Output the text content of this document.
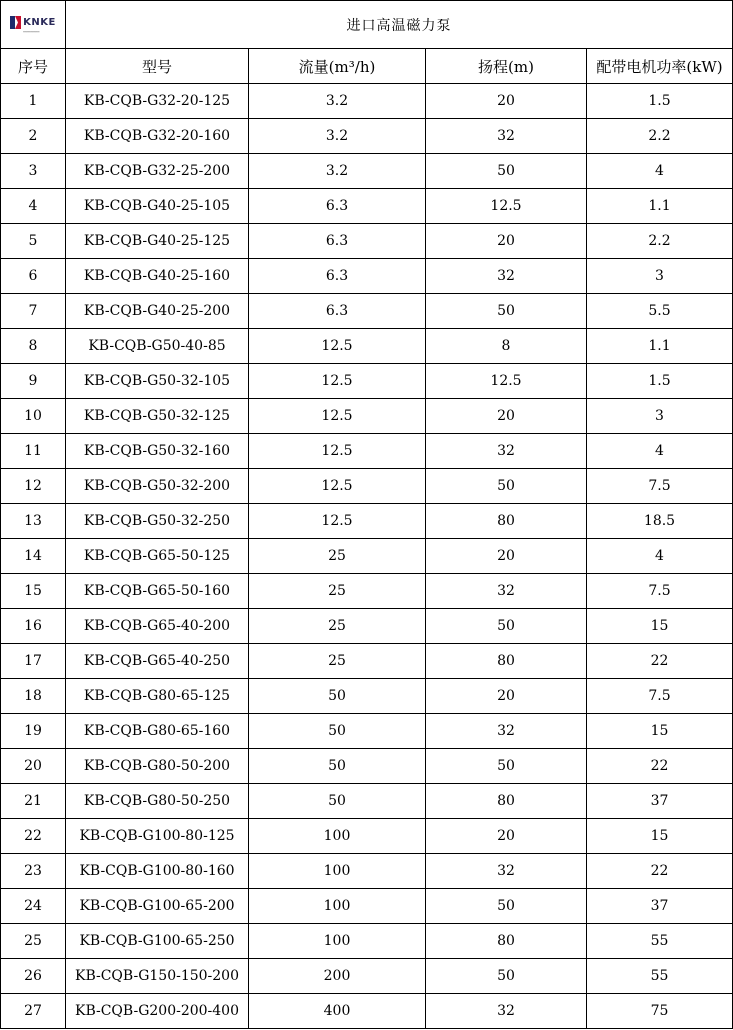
KNKE
━━━━━━━━━	进口高温磁力泵			
序号	型号	流量(m³/h)	扬程(m)	配带电机功率(kW)
1	KB-CQB-G32-20-125	3.2	20	1.5
2	KB-CQB-G32-20-160	3.2	32	2.2
3	KB-CQB-G32-25-200	3.2	50	4
4	KB-CQB-G40-25-105	6.3	12.5	1.1
5	KB-CQB-G40-25-125	6.3	20	2.2
6	KB-CQB-G40-25-160	6.3	32	3
7	KB-CQB-G40-25-200	6.3	50	5.5
8	KB-CQB-G50-40-85	12.5	8	1.1
9	KB-CQB-G50-32-105	12.5	12.5	1.5
10	KB-CQB-G50-32-125	12.5	20	3
11	KB-CQB-G50-32-160	12.5	32	4
12	KB-CQB-G50-32-200	12.5	50	7.5
13	KB-CQB-G50-32-250	12.5	80	18.5
14	KB-CQB-G65-50-125	25	20	4
15	KB-CQB-G65-50-160	25	32	7.5
16	KB-CQB-G65-40-200	25	50	15
17	KB-CQB-G65-40-250	25	80	22
18	KB-CQB-G80-65-125	50	20	7.5
19	KB-CQB-G80-65-160	50	32	15
20	KB-CQB-G80-50-200	50	50	22
21	KB-CQB-G80-50-250	50	80	37
22	KB-CQB-G100-80-125	100	20	15
23	KB-CQB-G100-80-160	100	32	22
24	KB-CQB-G100-65-200	100	50	37
25	KB-CQB-G100-65-250	100	80	55
26	KB-CQB-G150-150-200	200	50	55
27	KB-CQB-G200-200-400	400	32	75
